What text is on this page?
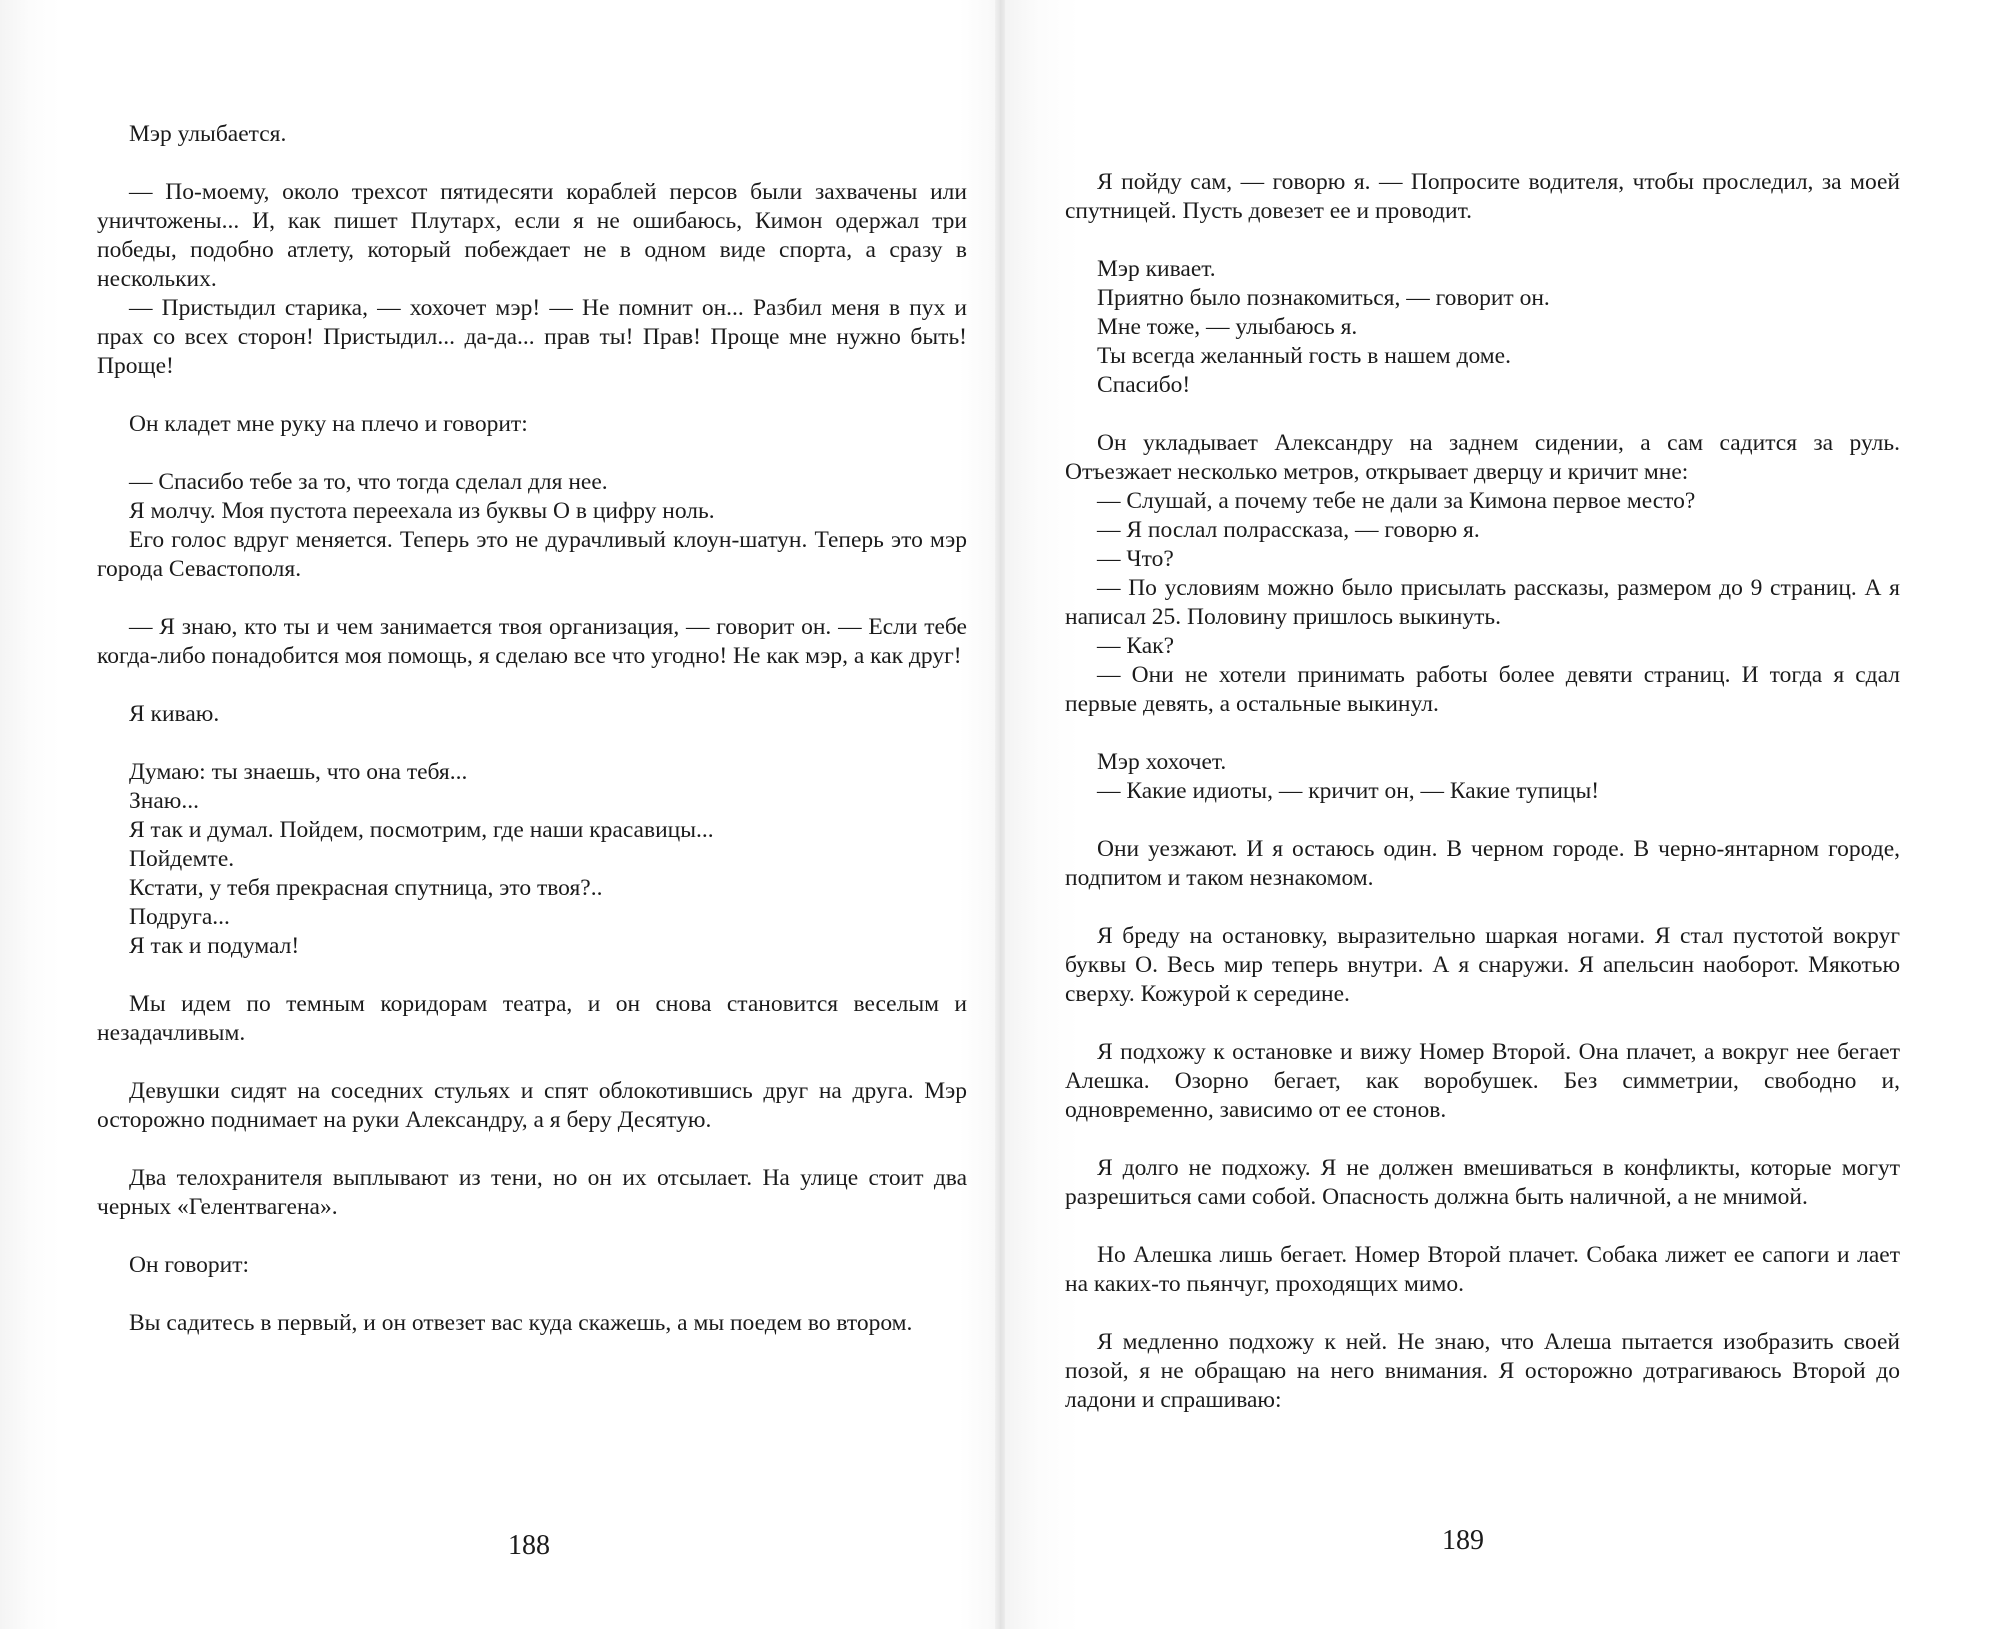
Мэр улыбается.

— По-моему, около трехсот пятидесяти кораблей персов были захвачены или уничтожены... И, как пишет Плутарх, если я не ошибаюсь, Кимон одержал три победы, подобно атлету, который побеждает не в одном виде спорта, а сразу в нескольких.

— Пристыдил старика, — хохочет мэр! — Не помнит он... Разбил меня в пух и прах со всех сторон! Пристыдил... да-да... прав ты! Прав! Проще мне нужно быть! Проще!

Он кладет мне руку на плечо и говорит:

— Спасибо тебе за то, что тогда сделал для нее.

Я молчу. Моя пустота переехала из буквы О в цифру ноль.

Его голос вдруг меняется. Теперь это не дурачливый клоун-шатун. Теперь это мэр города Севастополя.

— Я знаю, кто ты и чем занимается твоя организация, — говорит он. — Если тебе когда-либо понадобится моя помощь, я сделаю все что угодно! Не как мэр, а как друг!

Я киваю.

Думаю: ты знаешь, что она тебя...

Знаю...

Я так и думал. Пойдем, посмотрим, где наши красавицы...

Пойдемте.

Кстати, у тебя прекрасная спутница, это твоя?..

Подруга...

Я так и подумал!

Мы идем по темным коридорам театра, и он снова становится веселым и незадачливым.

Девушки сидят на соседних стульях и спят облокотившись друг на друга. Мэр осторожно поднимает на руки Александру, а я беру Десятую.

Два телохранителя выплывают из тени, но он их отсылает. На улице стоит два черных «Гелентвагена».

Он говорит:

Вы садитесь в первый, и он отвезет вас куда скажешь, а мы поедем во втором.

188

Я пойду сам, — говорю я. — Попросите водителя, чтобы проследил, за моей спутницей. Пусть довезет ее и проводит.

Мэр кивает.

Приятно было познакомиться, — говорит он.

Мне тоже, — улыбаюсь я.

Ты всегда желанный гость в нашем доме.

Спасибо!

Он укладывает Александру на заднем сидении, а сам садится за руль. Отъезжает несколько метров, открывает дверцу и кричит мне:

— Слушай, а почему тебе не дали за Кимона первое место?

— Я послал полрассказа, — говорю я.

— Что?

— По условиям можно было присылать рассказы, размером до 9 страниц. А я написал 25. Половину пришлось выкинуть.

— Как?

— Они не хотели принимать работы более девяти страниц. И тогда я сдал первые девять, а остальные выкинул.

Мэр хохочет.

— Какие идиоты, — кричит он, — Какие тупицы!

Они уезжают. И я остаюсь один. В черном городе. В черно-янтарном городе, подпитом и таком незнакомом.

Я бреду на остановку, выразительно шаркая ногами. Я стал пустотой вокруг буквы О. Весь мир теперь внутри. А я снаружи. Я апельсин наоборот. Мякотью сверху. Кожурой к середине.

Я подхожу к остановке и вижу Номер Второй. Она плачет, а вокруг нее бегает Алешка. Озорно бегает, как воробушек. Без симметрии, свободно и, одновременно, зависимо от ее стонов.

Я долго не подхожу. Я не должен вмешиваться в конфликты, которые могут разрешиться сами собой. Опасность должна быть наличной, а не мнимой.

Но Алешка лишь бегает. Номер Второй плачет. Собака лижет ее сапоги и лает на каких-то пьянчуг, проходящих мимо.

Я медленно подхожу к ней. Не знаю, что Алеша пытается изобразить своей позой, я не обращаю на него внимания. Я осторожно дотрагиваюсь Второй до ладони и спрашиваю:

189
